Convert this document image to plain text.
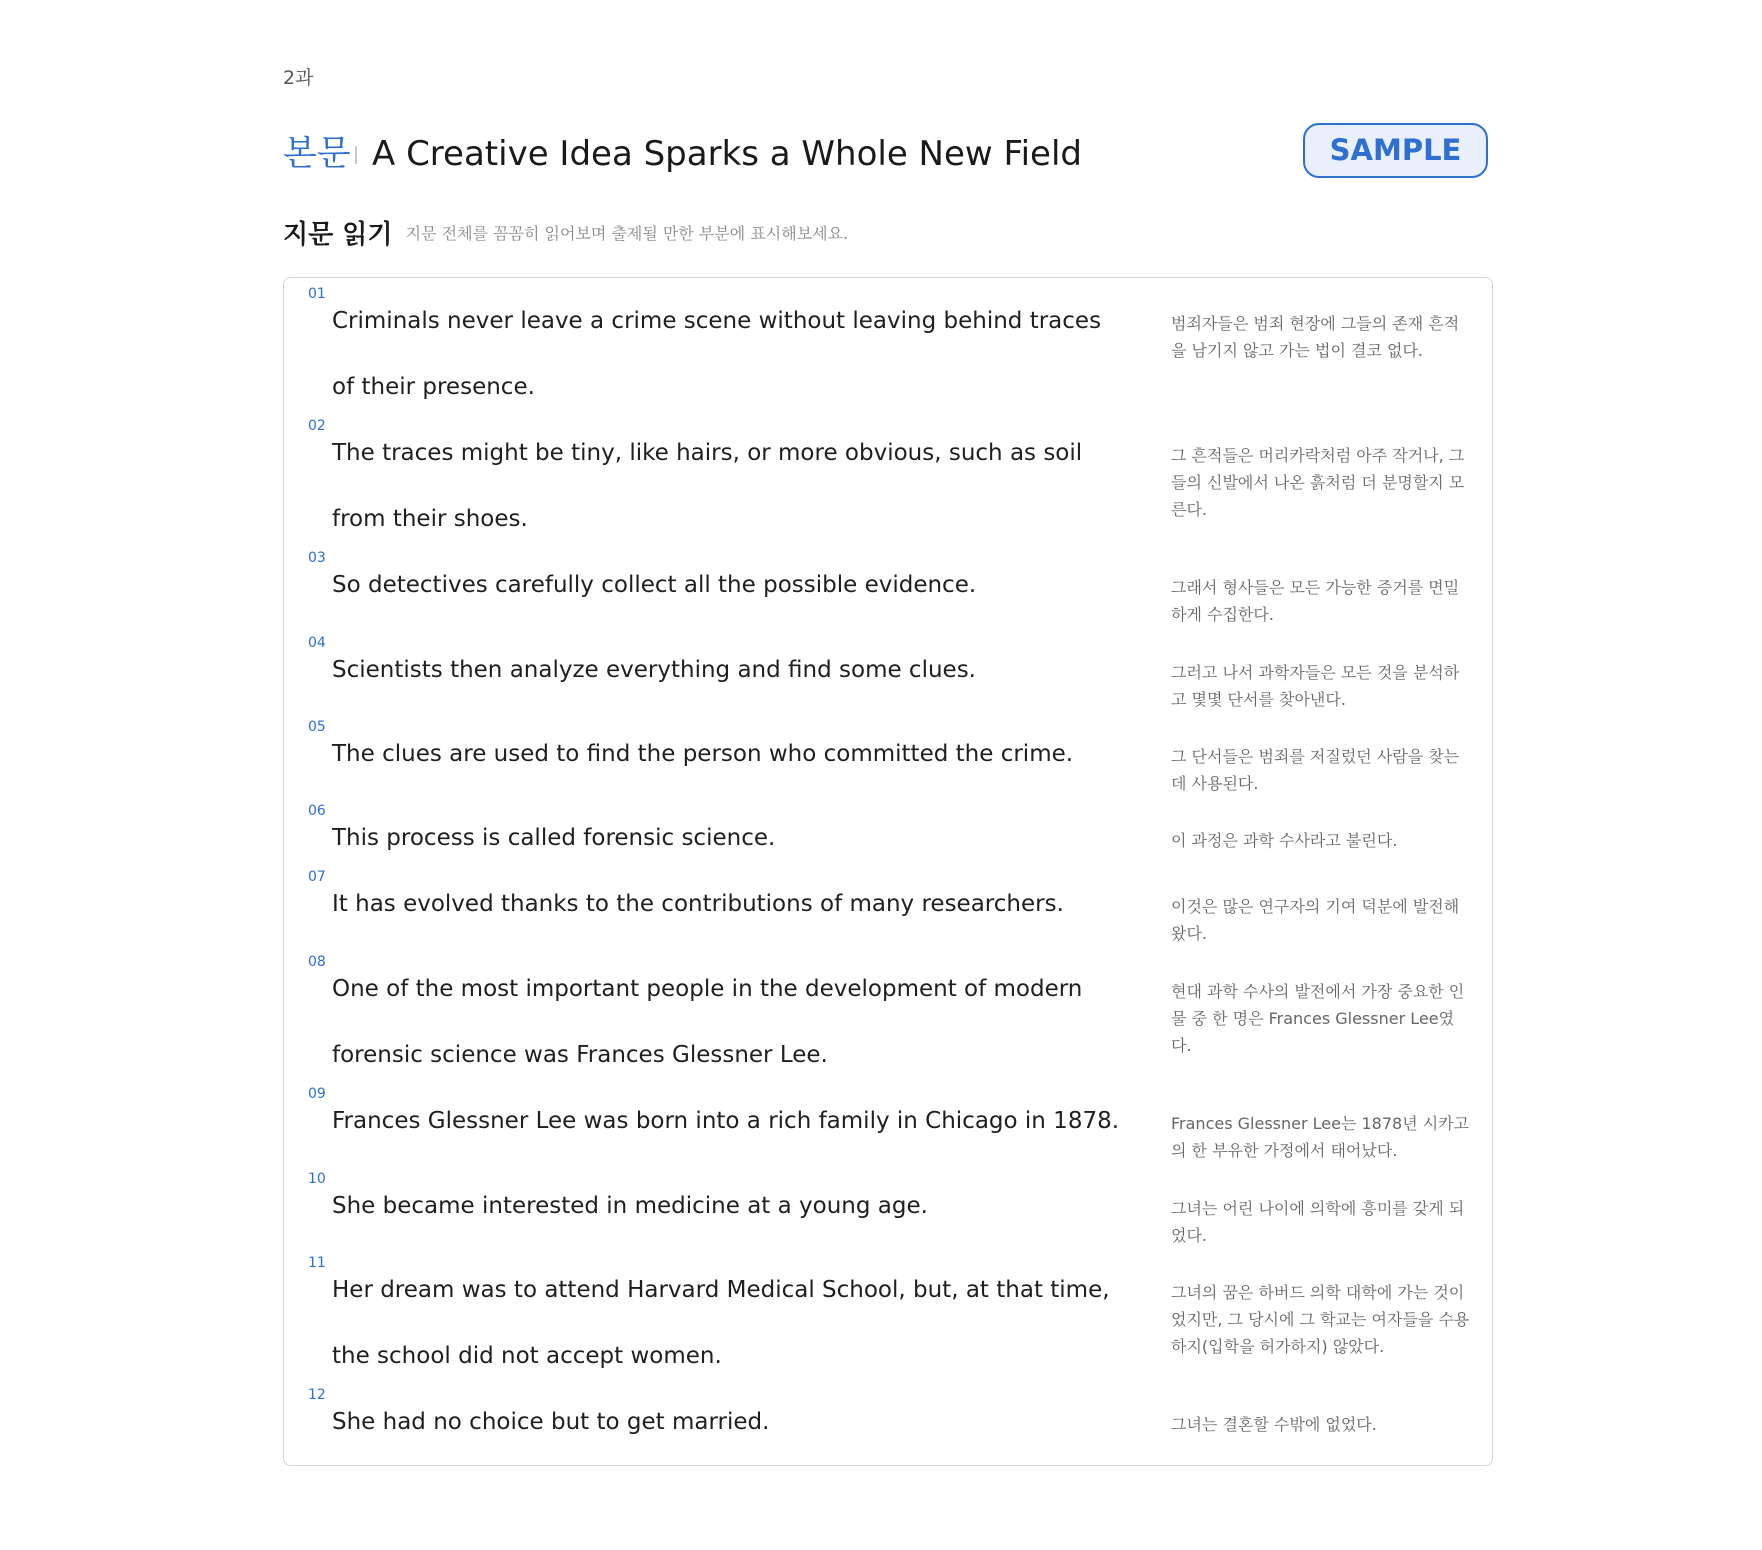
2과
본문 A Creative Idea Sparks a Whole New Field	SAMPLE
지문 읽기 지문 전체를 꼼꼼히 읽어보며 출제될 만한 부분에 표시해보세요.
01
Criminals never leave a crime scene without leaving behind traces of their presence.
범죄자들은 범죄 현장에 그들의 존재 흔적을 남기지 않고 가는 법이 결코 없다.
02
The traces might be tiny, like hairs, or more obvious, such as soil from their shoes.
그 흔적들은 머리카락처럼 아주 작거나, 그들의 신발에서 나온 흙처럼 더 분명할지 모른다.
03
So detectives carefully collect all the possible evidence.	그래서 형사들은 모든 가능한 증거를 면밀하게 수집한다.
04
Scientists then analyze everything and find some clues.	그러고 나서 과학자들은 모든 것을 분석하고 몇몇 단서를 찾아낸다.
05
The clues are used to find the person who committed the crime.	그 단서들은 범죄를 저질렀던 사람을 찾는 데 사용된다.
06
This process is called forensic science.	이 과정은 과학 수사라고 불린다.
07
It has evolved thanks to the contributions of many researchers.	이것은 많은 연구자의 기여 덕분에 발전해 왔다.
08
One of the most important people in the development of modern forensic science was Frances Glessner Lee.
현대 과학 수사의 발전에서 가장 중요한 인물 중 한 명은 Frances Glessner Lee였다.
09
Frances Glessner Lee was born into a rich family in Chicago in 1878.	Frances Glessner Lee는 1878년 시카고의 한 부유한 가정에서 태어났다.
10
She became interested in medicine at a young age.	그녀는 어린 나이에 의학에 흥미를 갖게 되었다.
11
Her dream was to attend Harvard Medical School, but, at that time, the school did not accept women.
그녀의 꿈은 하버드 의학 대학에 가는 것이었지만, 그 당시에 그 학교는 여자들을 수용하지(입학을 허가하지) 않았다.
12
She had no choice but to get married.	그녀는 결혼할 수밖에 없었다.
